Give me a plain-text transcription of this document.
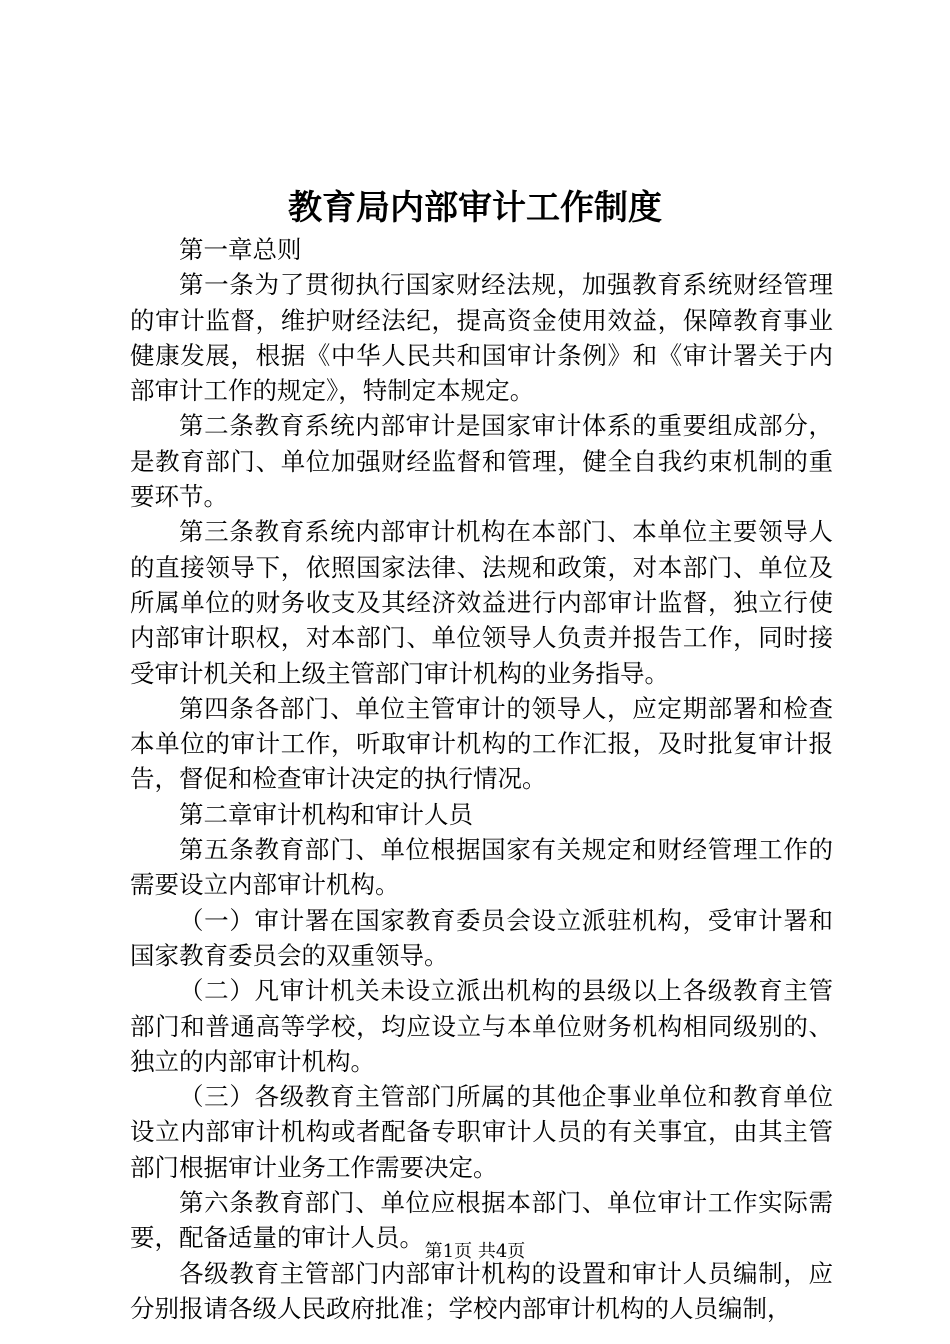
教育局内部审计工作制度

第一章总则

第一条为了贯彻执行国家财经法规，加强教育系统财经管理的审计监督，维护财经法纪，提高资金使用效益，保障教育事业健康发展，根据《中华人民共和国审计条例》和《审计署关于内部审计工作的规定》，特制定本规定。

第二条教育系统内部审计是国家审计体系的重要组成部分，是教育部门、单位加强财经监督和管理，健全自我约束机制的重要环节。

第三条教育系统内部审计机构在本部门、本单位主要领导人的直接领导下，依照国家法律、法规和政策，对本部门、单位及所属单位的财务收支及其经济效益进行内部审计监督，独立行使内部审计职权，对本部门、单位领导人负责并报告工作，同时接受审计机关和上级主管部门审计机构的业务指导。

第四条各部门、单位主管审计的领导人，应定期部署和检查本单位的审计工作，听取审计机构的工作汇报，及时批复审计报告，督促和检查审计决定的执行情况。

第二章审计机构和审计人员

第五条教育部门、单位根据国家有关规定和财经管理工作的需要设立内部审计机构。

（一）审计署在国家教育委员会设立派驻机构，受审计署和国家教育委员会的双重领导。

（二）凡审计机关未设立派出机构的县级以上各级教育主管部门和普通高等学校，均应设立与本单位财务机构相同级别的、独立的内部审计机构。

（三）各级教育主管部门所属的其他企事业单位和教育单位设立内部审计机构或者配备专职审计人员的有关事宜，由其主管部门根据审计业务工作需要决定。

第六条教育部门、单位应根据本部门、单位审计工作实际需要，配备适量的审计人员。

各级教育主管部门内部审计机构的设置和审计人员编制，应分别报请各级人民政府批准；学校内部审计机构的人员编制，

第1页 共4页
